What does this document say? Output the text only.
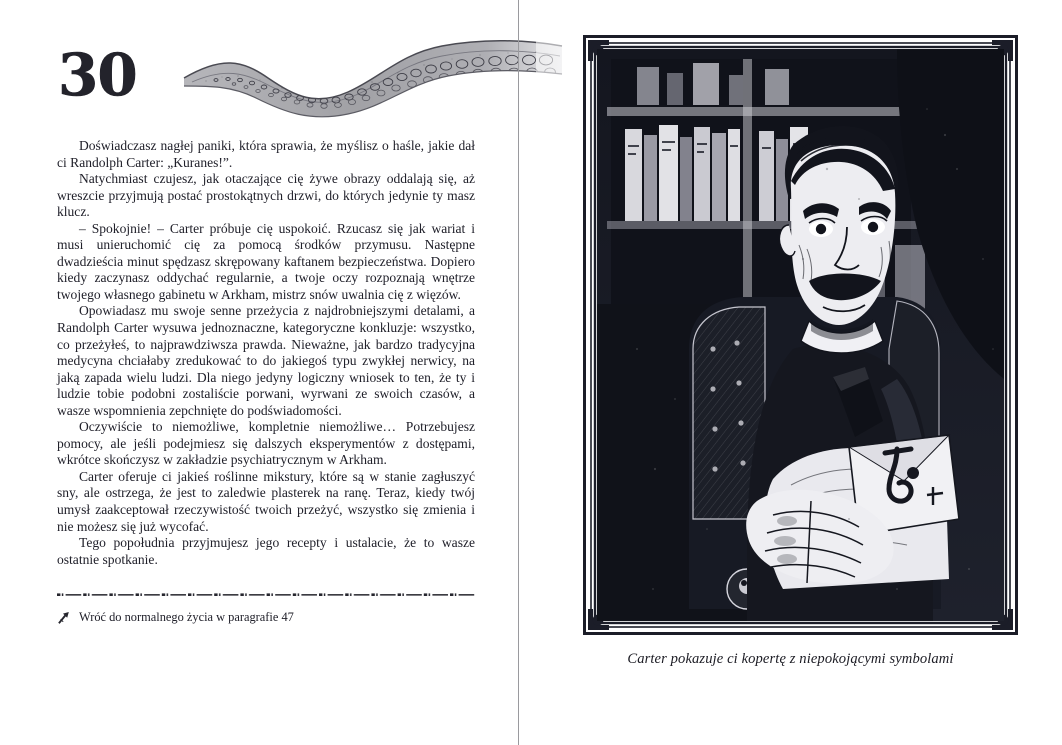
30

Doświadczasz nagłej paniki, która sprawia, że myślisz o haśle, jakie dał ci Randolph Carter: „Kuranes!”.

Natychmiast czujesz, jak otaczające cię żywe obrazy oddalają się, aż wreszcie przyjmują postać prostokątnych drzwi, do których jedynie ty masz klucz.

– Spokojnie! – Carter próbuje cię uspokoić. Rzucasz się jak wariat i musi unieruchomić cię za pomocą środków przymusu. Następne dwadzieścia minut spędzasz skrępowany kaftanem bezpieczeństwa. Dopiero kiedy zaczynasz oddychać regularnie, a twoje oczy rozpoznają wnętrze twojego własnego gabinetu w Arkham, mistrz snów uwalnia cię z więzów.

Opowiadasz mu swoje senne przeżycia z najdrobniejszymi detalami, a Randolph Carter wysuwa jednoznaczne, kategoryczne konkluzje: wszystko, co przeżyłeś, to najprawdziwsza prawda. Nieważne, jak bardzo tradycyjna medycyna chciałaby zredukować to do jakiegoś typu zwykłej nerwicy, na jaką zapada wielu ludzi. Dla niego jedyny logiczny wniosek to ten, że ty i ludzie tobie podobni zostaliście porwani, wyrwani ze swoich czasów, a wasze wspomnienia zepchnięte do podświadomości.

Oczywiście to niemożliwe, kompletnie niemożliwe… Potrzebujesz pomocy, ale jeśli podejmiesz się dalszych eksperymentów z dostępami, wkrótce skończysz w zakładzie psychiatrycznym w Arkham.

Carter oferuje ci jakieś roślinne mikstury, które są w stanie zagłuszyć sny, ale ostrzega, że jest to zaledwie plasterek na ranę. Teraz, kiedy twój umysł zaakceptował rzeczywistość twoich przeżyć, wszystko się zmienia i nie możesz się już wycofać.

Tego popołudnia przyjmujesz jego recepty i ustalacie, że to wasze ostatnie spotkanie.

Wróć do normalnego życia w paragrafie 47
Carter pokazuje ci kopertę z niepokojącymi symbolami
